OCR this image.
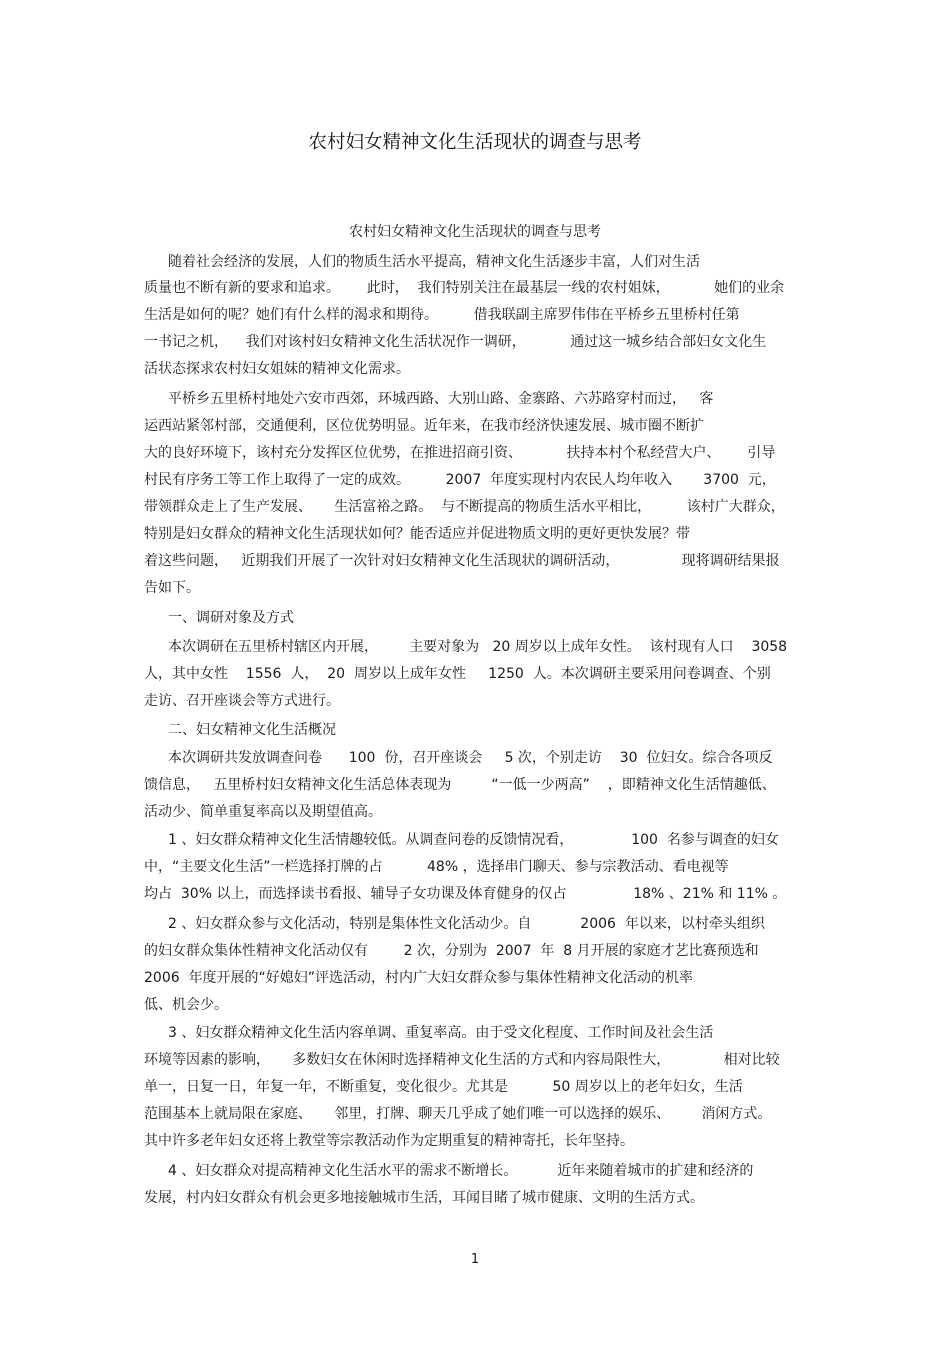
农村妇女精神文化生活现状的调查与思考
农村妇女精神文化生活现状的调查与思考
随着社会经济的发展，人们的物质生活水平提高，精神文化生活逐步丰富，人们对生活
质量也不断有新的要求和追求。      此时，  我们特别关注在最基层一线的农村姐妹，          她们的业余
生活是如何的呢？她们有什么样的渴求和期待。        借我联副主席罗伟伟在平桥乡五里桥村任第
一书记之机，    我们对该村妇女精神文化生活状况作一调研，          通过这一城乡结合部妇女文化生
活状态探求农村妇女姐妹的精神文化需求。
平桥乡五里桥村地处六安市西郊，环城西路、大别山路、金寨路、六苏路穿村而过，   客
运西站紧邻村部，交通便利，区位优势明显。近年来，在我市经济快速发展、城市圈不断扩
大的良好环境下，该村充分发挥区位优势，在推进招商引资、          扶持本村个私经营大户、      引导
村民有序务工等工作上取得了一定的成效。        2007  年度实现村内农民人均年收入       3700  元，
带领群众走上了生产发展、     生活富裕之路。  与不断提高的物质生活水平相比，        该村广大群众，
特别是妇女群众的精神文化生活现状如何？能否适应并促进物质文明的更好更快发展？带
着这些问题，   近期我们开展了一次针对妇女精神文化生活现状的调研活动，              现将调研结果报
告如下。
一、调研对象及方式
本次调研在五里桥村辖区内开展，       主要对象为   20 周岁以上成年女性。  该村现有人口    3058
人，其中女性    1556  人，  20  周岁以上成年女性     1250  人。本次调研主要采用问卷调查、个别
走访、召开座谈会等方式进行。
二、妇女精神文化生活概况
本次调研共发放调查问卷      100  份，召开座谈会     5 次，个别走访    30  位妇女。综合各项反
馈信息，   五里桥村妇女精神文化生活总体表现为         “一低一少两高”    ，即精神文化生活情趣低、
活动少、简单重复率高以及期望值高。
1 、妇女群众精神文化生活情趣较低。从调查问卷的反馈情况看，             100  名参与调查的妇女
中，“主要文化生活”一栏选择打牌的占          48% ，选择串门聊天、参与宗教活动、看电视等
均占  30% 以上，而选择读书看报、辅导子女功课及体育健身的仅占               18% 、21% 和 11% 。
2 、妇女群众参与文化活动，特别是集体性文化活动少。自           2006  年以来，以村牵头组织
的妇女群众集体性精神文化活动仅有        2 次，分别为  2007  年  8 月开展的家庭才艺比赛预选和
2006  年度开展的“好媳妇”评选活动，村内广大妇女群众参与集体性精神文化活动的机率
低、机会少。
3 、妇女群众精神文化生活内容单调、重复率高。由于受文化程度、工作时间及社会生活
环境等因素的影响，     多数妇女在休闲时选择精神文化生活的方式和内容局限性大，            相对比较
单一，日复一日，年复一年，不断重复，变化很少。尤其是          50 周岁以上的老年妇女，生活
范围基本上就局限在家庭、     邻里，打牌、聊天几乎成了她们唯一可以选择的娱乐、       消闲方式。
其中许多老年妇女还将上教堂等宗教活动作为定期重复的精神寄托，长年坚持。
4 、妇女群众对提高精神文化生活水平的需求不断增长。         近年来随着城市的扩建和经济的
发展，村内妇女群众有机会更多地接触城市生活，耳闻目睹了城市健康、文明的生活方式。
1
